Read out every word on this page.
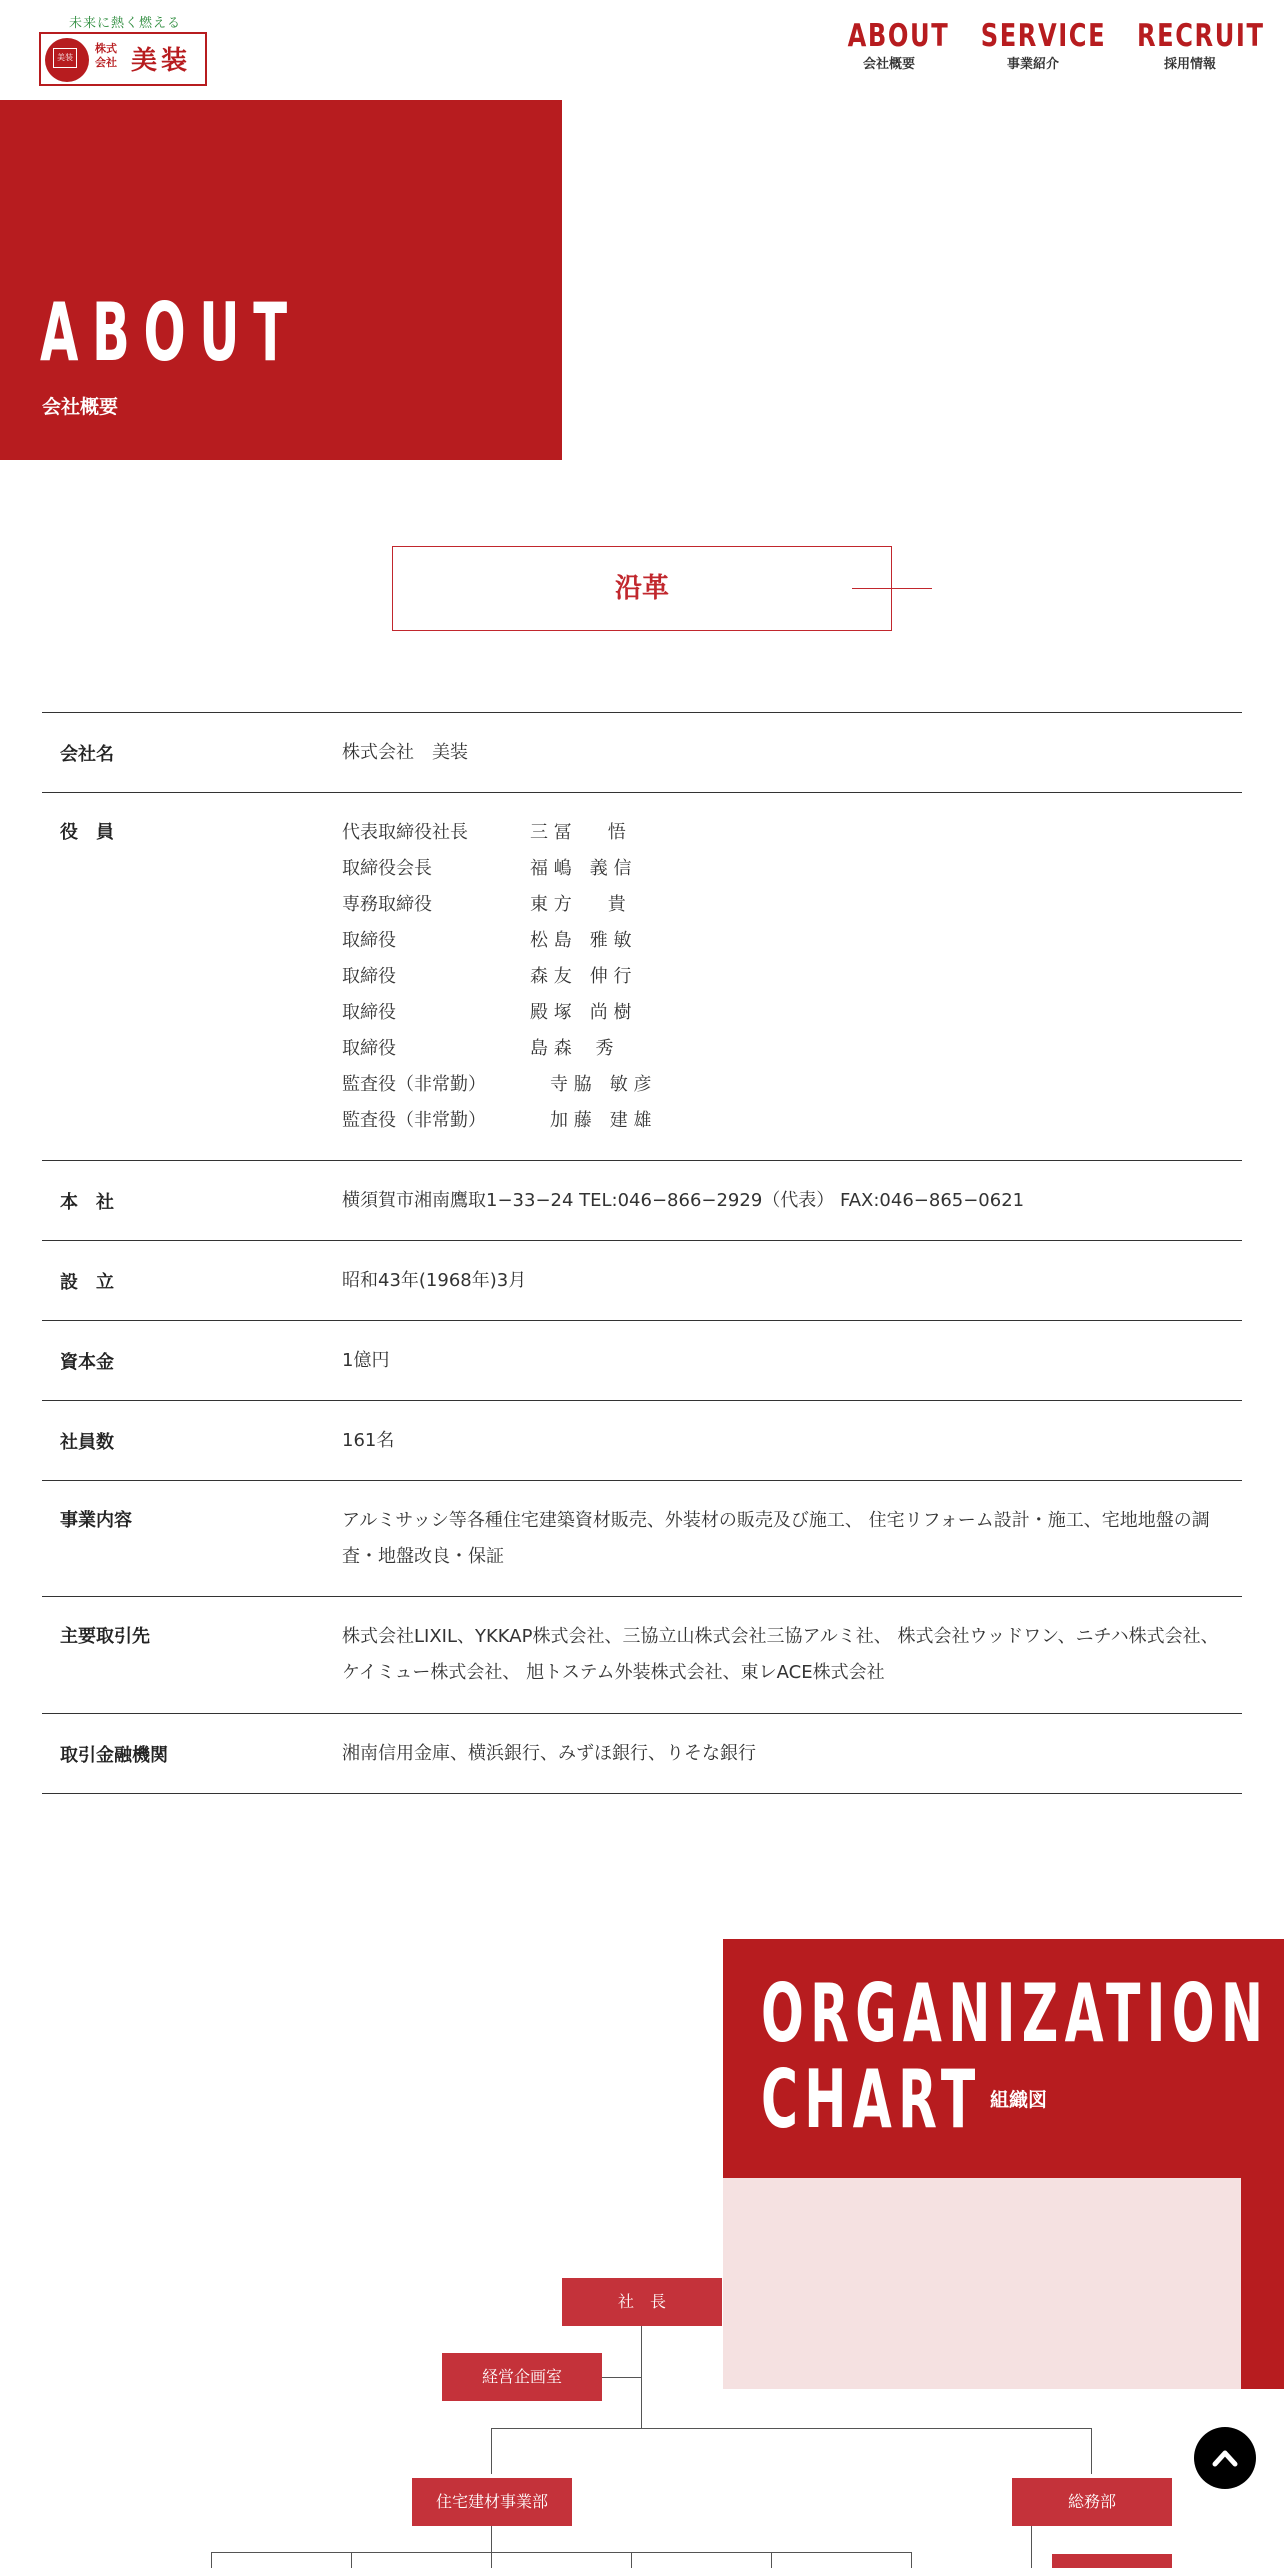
未来に熱く燃える
美装
株式 会社 美装
ABOUT
会社概要
SERVICE
事業紹介
RECRUIT
採用情報
ABOUT
会社概要
沿革
会社名	株式会社　美装
役　員	代表取締役社長	三 冨　　悟
取締役会長	福 嶋　義 信
専務取締役	東 方　　貴
取締役	松 島　雅 敏
取締役	森 友　伸 行
取締役	殿 塚　尚 樹
取締役	島 森　 秀
監査役（非常勤）	寺 脇　敏 彦
監査役（非常勤）	加 藤　建 雄
本　社	横須賀市湘南鷹取1−33−24 TEL:046−866−2929（代表） FAX:046−865−0621
設　立	昭和43年(1968年)3月
資本金	1億円
社員数	161名
事業内容	アルミサッシ等各種住宅建築資材販売、外装材の販売及び施工、 住宅リフォーム設計・施工、宅地地盤の調査・地盤改良・保証
主要取引先	株式会社LIXIL、YKKAP株式会社、三協立山株式会社三協アルミ社、 株式会社ウッドワン、ニチハ株式会社、ケイミュー株式会社、 旭トステム外装株式会社、東レACE株式会社
取引金融機関	湘南信用金庫、横浜銀行、みずほ銀行、りそな銀行
ORGANIZATION
CHART 組織図
社　長
経営企画室
住宅建材事業部	総務部
